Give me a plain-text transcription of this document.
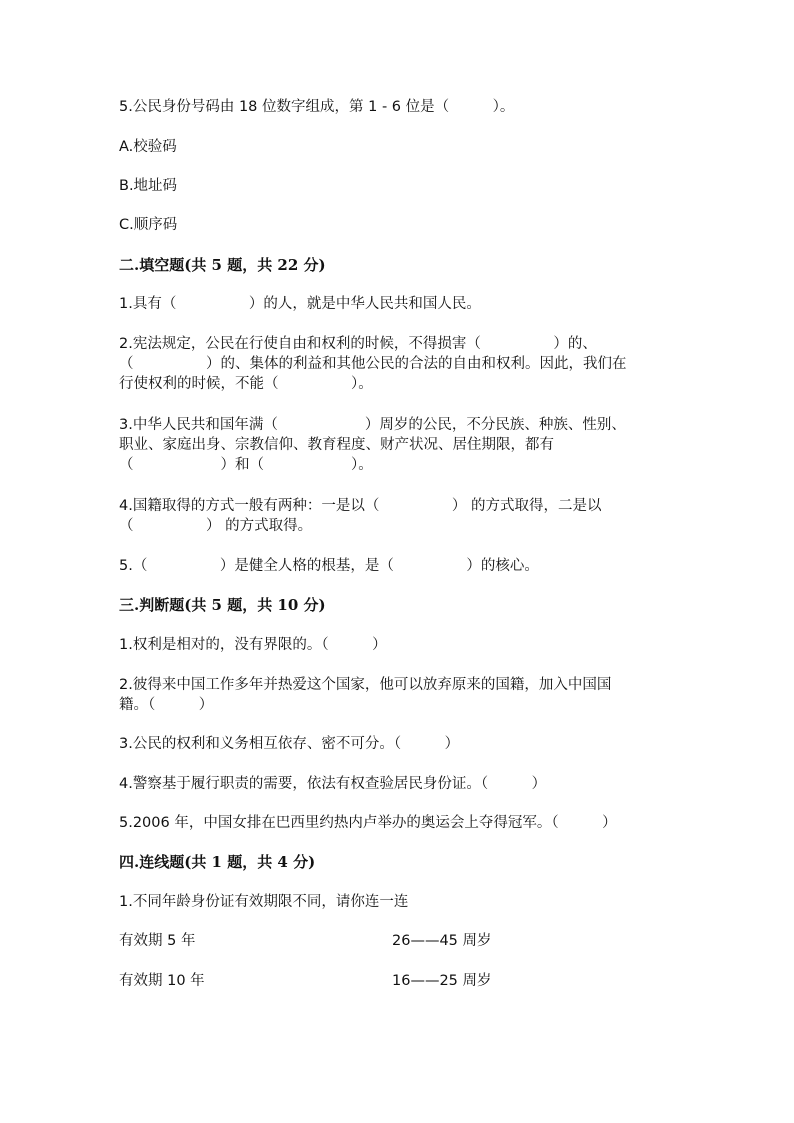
5.公民身份号码由 18 位数字组成，第 1 - 6 位是（　　　）。
A.校验码
B.地址码
C.顺序码
二.填空题(共 5 题，共 22 分)
1.具有（　　　　　）的人，就是中华人民共和国人民。
2.宪法规定，公民在行使自由和权利的时候，不得损害（　　　　　）的、
（　　　　　）的、集体的利益和其他公民的合法的自由和权利。因此，我们在
行使权利的时候，不能（　　　　　）。
3.中华人民共和国年满（　　　　　　）周岁的公民，不分民族、种族、性别、
职业、家庭出身、宗教信仰、教育程度、财产状况、居住期限，都有
（　　　　　　）和（　　　　　　）。
4.国籍取得的方式一般有两种：一是以（　　　　　） 的方式取得，二是以
（　　　　　） 的方式取得。
5.（　　　　　）是健全人格的根基，是（　　　　　）的核心。
三.判断题(共 5 题，共 10 分)
1.权利是相对的，没有界限的。（　　　）
2.彼得来中国工作多年并热爱这个国家，他可以放弃原来的国籍，加入中国国
籍。（　　　）
3.公民的权利和义务相互依存、密不可分。（　　　）
4.警察基于履行职责的需要，依法有权查验居民身份证。（　　　）
5.2006 年，中国女排在巴西里约热内卢举办的奥运会上夺得冠军。（　　　）
四.连线题(共 1 题，共 4 分)
1.不同年龄身份证有效期限不同，请你连一连
有效期 5 年	26——45 周岁
有效期 10 年	16——25 周岁
